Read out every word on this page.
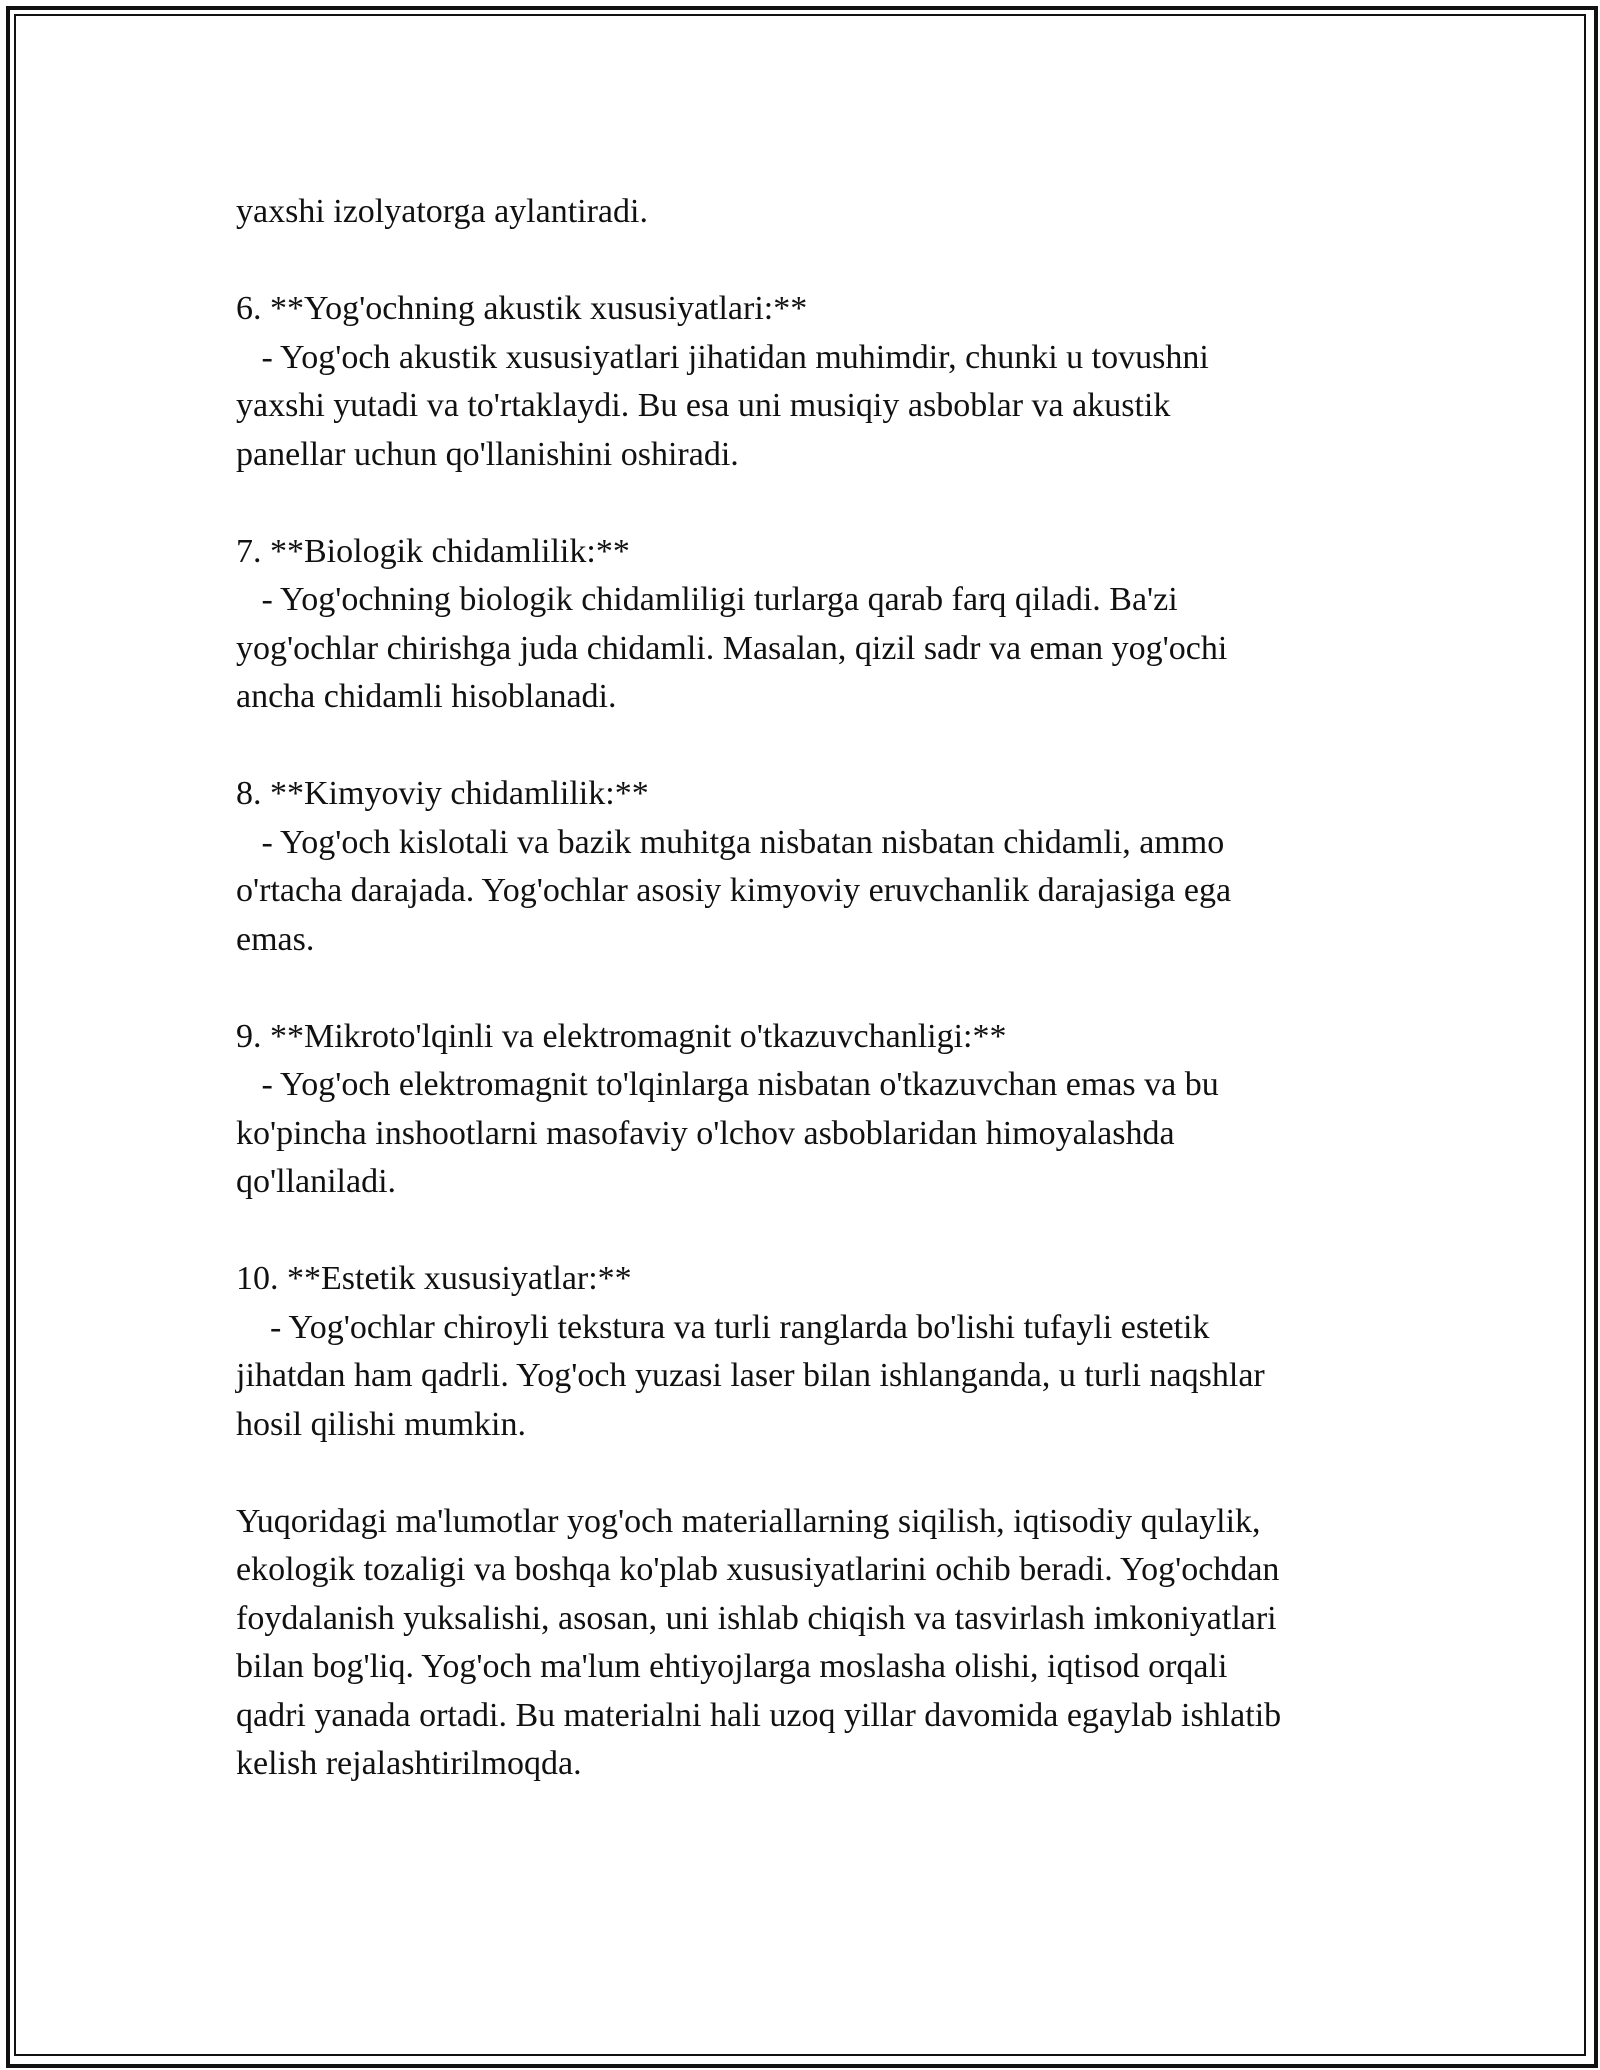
yaxshi izolyatorga aylantiradi.
6. **Yog'ochning akustik xususiyatlari:**
- Yog'och akustik xususiyatlari jihatidan muhimdir, chunki u tovushni
yaxshi yutadi va to'rtaklaydi. Bu esa uni musiqiy asboblar va akustik
panellar uchun qo'llanishini oshiradi.
7. **Biologik chidamlilik:**
- Yog'ochning biologik chidamliligi turlarga qarab farq qiladi. Ba'zi
yog'ochlar chirishga juda chidamli. Masalan, qizil sadr va eman yog'ochi
ancha chidamli hisoblanadi.
8. **Kimyoviy chidamlilik:**
- Yog'och kislotali va bazik muhitga nisbatan nisbatan chidamli, ammo
o'rtacha darajada. Yog'ochlar asosiy kimyoviy eruvchanlik darajasiga ega
emas.
9. **Mikroto'lqinli va elektromagnit o'tkazuvchanligi:**
- Yog'och elektromagnit to'lqinlarga nisbatan o'tkazuvchan emas va bu
ko'pincha inshootlarni masofaviy o'lchov asboblaridan himoyalashda
qo'llaniladi.
10. **Estetik xususiyatlar:**
- Yog'ochlar chiroyli tekstura va turli ranglarda bo'lishi tufayli estetik
jihatdan ham qadrli. Yog'och yuzasi laser bilan ishlanganda, u turli naqshlar
hosil qilishi mumkin.
Yuqoridagi ma'lumotlar yog'och materiallarning siqilish, iqtisodiy qulaylik,
ekologik tozaligi va boshqa ko'plab xususiyatlarini ochib beradi. Yog'ochdan
foydalanish yuksalishi, asosan, uni ishlab chiqish va tasvirlash imkoniyatlari
bilan bog'liq. Yog'och ma'lum ehtiyojlarga moslasha olishi, iqtisod orqali
qadri yanada ortadi. Bu materialni hali uzoq yillar davomida egaylab ishlatib
kelish rejalashtirilmoqda.
